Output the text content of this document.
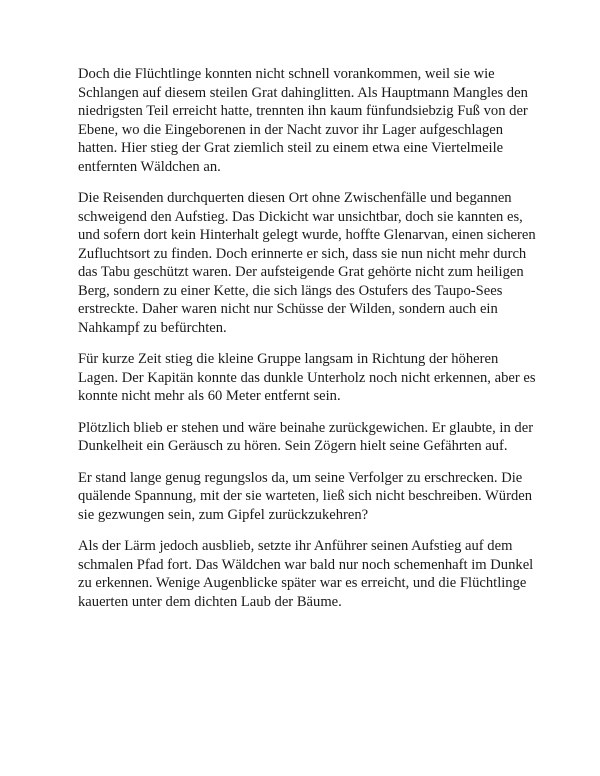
Doch die Flüchtlinge konnten nicht schnell vorankommen, weil sie wie Schlangen auf diesem steilen Grat dahinglitten. Als Hauptmann Mangles den niedrigsten Teil erreicht hatte, trennten ihn kaum fünfundsiebzig Fuß von der Ebene, wo die Eingeborenen in der Nacht zuvor ihr Lager aufgeschlagen hatten. Hier stieg der Grat ziemlich steil zu einem etwa eine Viertelmeile entfernten Wäldchen an.

Die Reisenden durchquerten diesen Ort ohne Zwischenfälle und begannen schweigend den Aufstieg. Das Dickicht war unsichtbar, doch sie kannten es, und sofern dort kein Hinterhalt gelegt wurde, hoffte Glenarvan, einen sicheren Zufluchtsort zu finden. Doch erinnerte er sich, dass sie nun nicht mehr durch das Tabu geschützt waren. Der aufsteigende Grat gehörte nicht zum heiligen Berg, sondern zu einer Kette, die sich längs des Ostufers des Taupo-Sees erstreckte. Daher waren nicht nur Schüsse der Wilden, sondern auch ein Nahkampf zu befürchten.

Für kurze Zeit stieg die kleine Gruppe langsam in Richtung der höheren Lagen. Der Kapitän konnte das dunkle Unterholz noch nicht erkennen, aber es konnte nicht mehr als 60 Meter entfernt sein.

Plötzlich blieb er stehen und wäre beinahe zurückgewichen. Er glaubte, in der Dunkelheit ein Geräusch zu hören. Sein Zögern hielt seine Gefährten auf.

Er stand lange genug regungslos da, um seine Verfolger zu erschrecken. Die quälende Spannung, mit der sie warteten, ließ sich nicht beschreiben. Würden sie gezwungen sein, zum Gipfel zurückzukehren?

Als der Lärm jedoch ausblieb, setzte ihr Anführer seinen Aufstieg auf dem schmalen Pfad fort. Das Wäldchen war bald nur noch schemenhaft im Dunkel zu erkennen. Wenige Augenblicke später war es erreicht, und die Flüchtlinge kauerten unter dem dichten Laub der Bäume.
